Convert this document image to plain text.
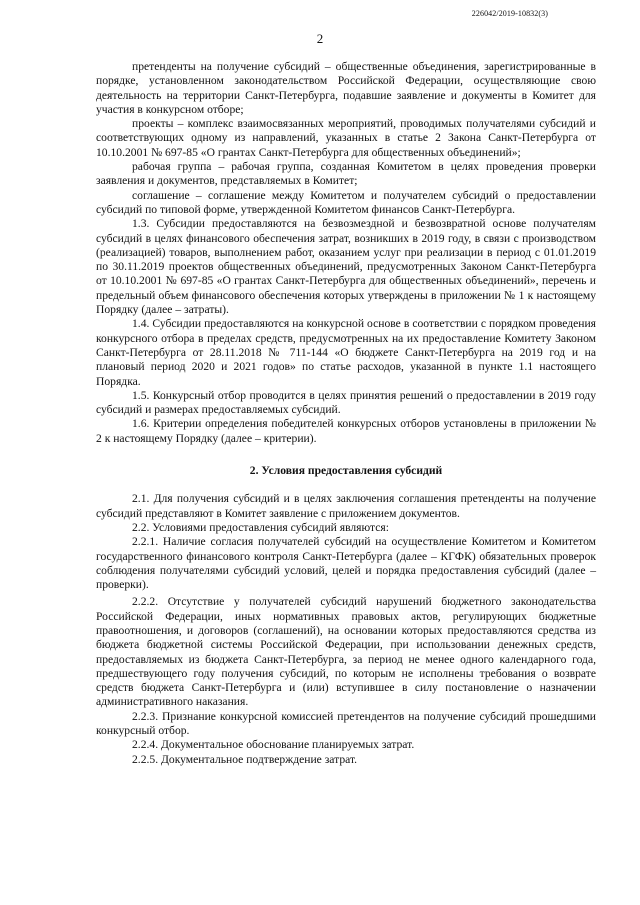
226042/2019-10832(3)
2

претенденты на получение субсидий – общественные объединения, зарегистрированные в порядке, установленном законодательством Российской Федерации, осуществляющие свою деятельность на территории Санкт-Петербурга, подавшие заявление и документы в Комитет для участия в конкурсном отборе;

проекты – комплекс взаимосвязанных мероприятий, проводимых получателями субсидий и соответствующих одному из направлений, указанных в статье 2 Закона Санкт-Петербурга от 10.10.2001 № 697-85 «О грантах Санкт-Петербурга для общественных объединений»;

рабочая группа – рабочая группа, созданная Комитетом в целях проведения проверки заявления и документов, представляемых в Комитет;

соглашение – соглашение между Комитетом и получателем субсидий о предоставлении субсидий по типовой форме, утвержденной Комитетом финансов Санкт-Петербурга.

1.3. Субсидии предоставляются на безвозмездной и безвозвратной основе получателям субсидий в целях финансового обеспечения затрат, возникших в 2019 году, в связи с производством (реализацией) товаров, выполнением работ, оказанием услуг при реализации в период с 01.01.2019 по 30.11.2019 проектов общественных объединений, предусмотренных Законом Санкт-Петербурга от 10.10.2001 № 697-85 «О грантах Санкт-Петербурга для общественных объединений», перечень и предельный объем финансового обеспечения которых утверждены в приложении № 1 к настоящему Порядку (далее – затраты).

1.4. Субсидии предоставляются на конкурсной основе в соответствии с порядком проведения конкурсного отбора в пределах средств, предусмотренных на их предоставление Комитету Законом Санкт-Петербурга от 28.11.2018 № 711-144 «О бюджете Санкт-Петербурга на 2019 год и на плановый период 2020 и 2021 годов» по статье расходов, указанной в пункте 1.1 настоящего Порядка.

1.5. Конкурсный отбор проводится в целях принятия решений о предоставлении в 2019 году субсидий и размерах предоставляемых субсидий.

1.6. Критерии определения победителей конкурсных отборов установлены в приложении № 2 к настоящему Порядку (далее – критерии).

2. Условия предоставления субсидий

2.1. Для получения субсидий и в целях заключения соглашения претенденты на получение субсидий представляют в Комитет заявление с приложением документов.

2.2. Условиями предоставления субсидий являются:

2.2.1. Наличие согласия получателей субсидий на осуществление Комитетом и Комитетом государственного финансового контроля Санкт-Петербурга (далее – КГФК) обязательных проверок соблюдения получателями субсидий условий, целей и порядка предоставления субсидий (далее – проверки).

2.2.2. Отсутствие у получателей субсидий нарушений бюджетного законодательства Российской Федерации, иных нормативных правовых актов, регулирующих бюджетные правоотношения, и договоров (соглашений), на основании которых предоставляются средства из бюджета бюджетной системы Российской Федерации, при использовании денежных средств, предоставляемых из бюджета Санкт-Петербурга, за период не менее одного календарного года, предшествующего году получения субсидий, по которым не исполнены требования о возврате средств бюджета Санкт-Петербурга и (или) вступившее в силу постановление о назначении административного наказания.

2.2.3. Признание конкурсной комиссией претендентов на получение субсидий прошедшими конкурсный отбор.

2.2.4. Документальное обоснование планируемых затрат.

2.2.5. Документальное подтверждение затрат.
